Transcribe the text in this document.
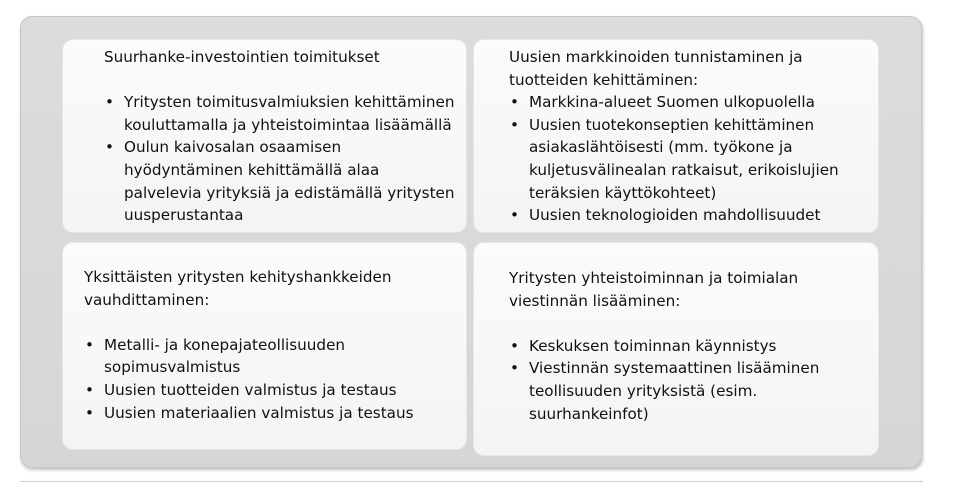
Suurhanke-investointien toimitukset

• Yritysten toimitusvalmiuksien kehittäminen kouluttamalla ja yhteistoimintaa lisäämällä
• Oulun kaivosalan osaamisen hyödyntäminen kehittämällä alaa palvelevia yrityksiä ja edistämällä yritysten uusperustantaa

Uusien markkinoiden tunnistaminen ja tuotteiden kehittäminen:

• Markkina-alueet Suomen ulkopuolella
• Uusien tuotekonseptien kehittäminen asiakaslähtöisesti (mm. työkone ja kuljetusvälinealan ratkaisut, erikoislujien teräksien käyttökohteet)
• Uusien teknologioiden mahdollisuudet

Yksittäisten yritysten kehityshankkeiden vauhdittaminen:

• Metalli- ja konepajateollisuuden sopimusvalmistus
• Uusien tuotteiden valmistus ja testaus
• Uusien materiaalien valmistus ja testaus

Yritysten yhteistoiminnan ja toimialan viestinnän lisääminen:

• Keskuksen toiminnan käynnistys
• Viestinnän systemaattinen lisääminen teollisuuden yrityksistä (esim. suurhankeinfot)
